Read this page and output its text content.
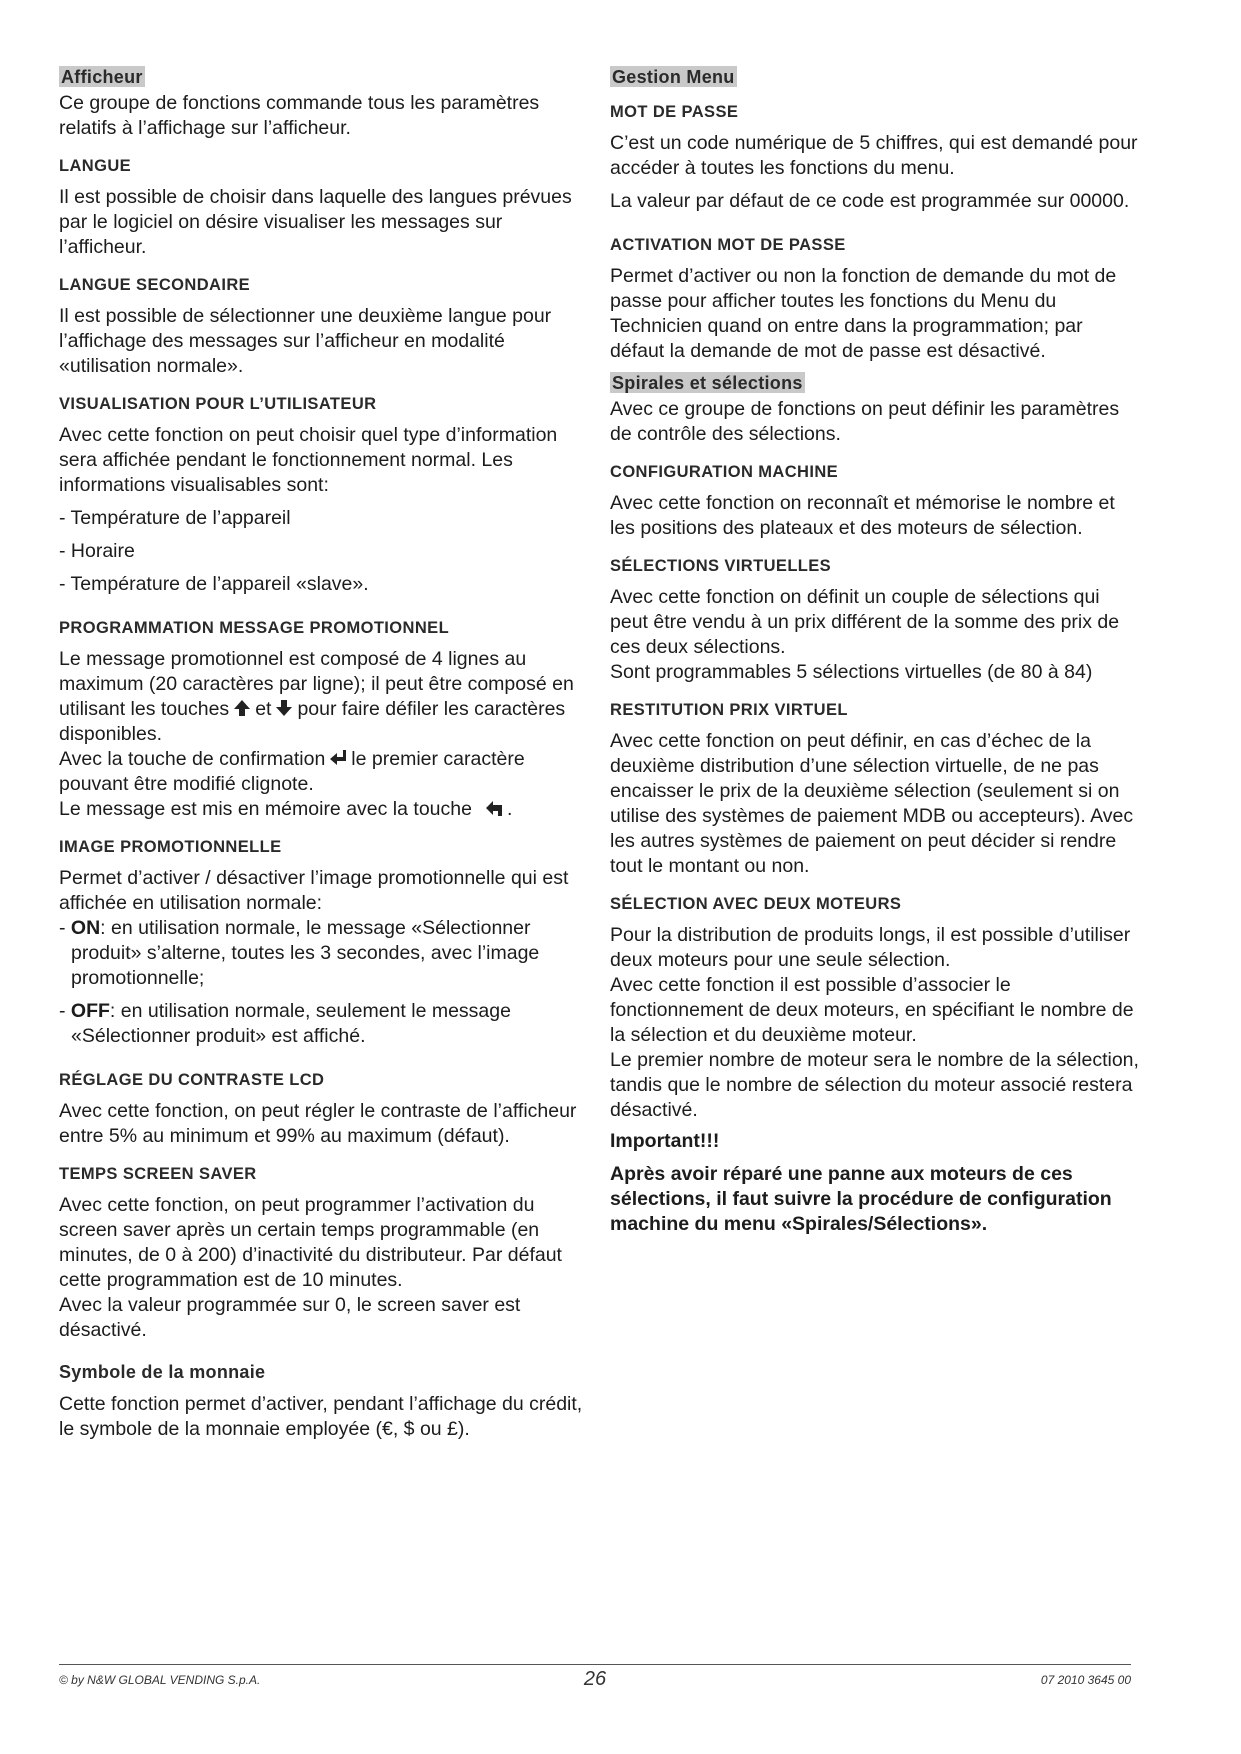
Afficheur

Ce groupe de fonctions commande tous les paramètres relatifs à l’affichage sur l’afficheur.

LANGUE

Il est possible de choisir dans laquelle des langues prévues par le logiciel on désire visualiser les messages sur l’afficheur.

LANGUE SECONDAIRE

Il est possible de sélectionner une deuxième langue pour l’affichage des messages sur l’afficheur en modalité «utilisation normale».

VISUALISATION POUR L’UTILISATEUR

Avec cette fonction on peut choisir quel type d’information sera affichée pendant le fonctionnement normal. Les informations visualisables sont:

- Température de l’appareil

- Horaire

- Température de l’appareil «slave».

PROGRAMMATION MESSAGE PROMOTIONNEL

Le message promotionnel est composé de 4 lignes au maximum (20 caractères par ligne); il peut être composé en utilisant les touches et pour faire défiler les caractères disponibles.

Avec la touche de confirmation le premier caractère pouvant être modifié clignote.

Le message est mis en mémoire avec la touche .

IMAGE PROMOTIONNELLE

Permet d’activer / désactiver l’image promotionnelle qui est affichée en utilisation normale:

- ON: en utilisation normale, le message «Sélectionner produit» s’alterne, toutes les 3 secondes, avec l’image promotionnelle;

- OFF: en utilisation normale, seulement le message «Sélectionner produit» est affiché.

RÉGLAGE DU CONTRASTE LCD

Avec cette fonction, on peut régler le contraste de l’afficheur entre 5% au minimum et 99% au maximum (défaut).

TEMPS SCREEN SAVER

Avec cette fonction, on peut programmer l’activation du screen saver après un certain temps programmable (en minutes, de 0 à 200) d’inactivité du distributeur. Par défaut cette programmation est de 10 minutes.

Avec la valeur programmée sur 0, le screen saver est désactivé.

Symbole de la monnaie

Cette fonction permet d’activer, pendant l’affichage du crédit, le symbole de la monnaie employée (€, $ ou £).

Gestion Menu
MOT DE PASSE

C’est un code numérique de 5 chiffres, qui est demandé pour accéder à toutes les fonctions du menu.

La valeur par défaut de ce code est programmée sur 00000.

ACTIVATION MOT DE PASSE

Permet d’activer ou non la fonction de demande du mot de passe pour afficher toutes les fonctions du Menu du Technicien quand on entre dans la programmation; par défaut la demande de mot de passe est désactivé.

Spirales et sélections

Avec ce groupe de fonctions on peut définir les paramètres de contrôle des sélections.

CONFIGURATION MACHINE

Avec cette fonction on reconnaît et mémorise le nombre et les positions des plateaux et des moteurs de sélection.

SÉLECTIONS VIRTUELLES

Avec cette fonction on définit un couple de sélections qui peut être vendu à un prix différent de la somme des prix de ces deux sélections.

Sont programmables 5 sélections virtuelles (de 80 à 84)

RESTITUTION PRIX VIRTUEL

Avec cette fonction on peut définir, en cas d’échec de la deuxième distribution d’une sélection virtuelle, de ne pas encaisser le prix de la deuxième sélection (seulement si on utilise des systèmes de paiement MDB ou accepteurs). Avec les autres systèmes de paiement on peut décider si rendre tout le montant ou non.

SÉLECTION AVEC DEUX MOTEURS

Pour la distribution de produits longs, il est possible d’utiliser deux moteurs pour une seule sélection.

Avec cette fonction il est possible d’associer le fonctionnement de deux moteurs, en spécifiant le nombre de la sélection et du deuxième moteur.

Le premier nombre de moteur sera le nombre de la sélection, tandis que le nombre de sélection du moteur associé restera désactivé.

Important!!!

Après avoir réparé une panne aux moteurs de ces sélections, il faut suivre la procédure de configuration machine du menu «Spirales/Sélections».

© by N&W GLOBAL VENDING S.p.A.	26	07 2010 3645 00
